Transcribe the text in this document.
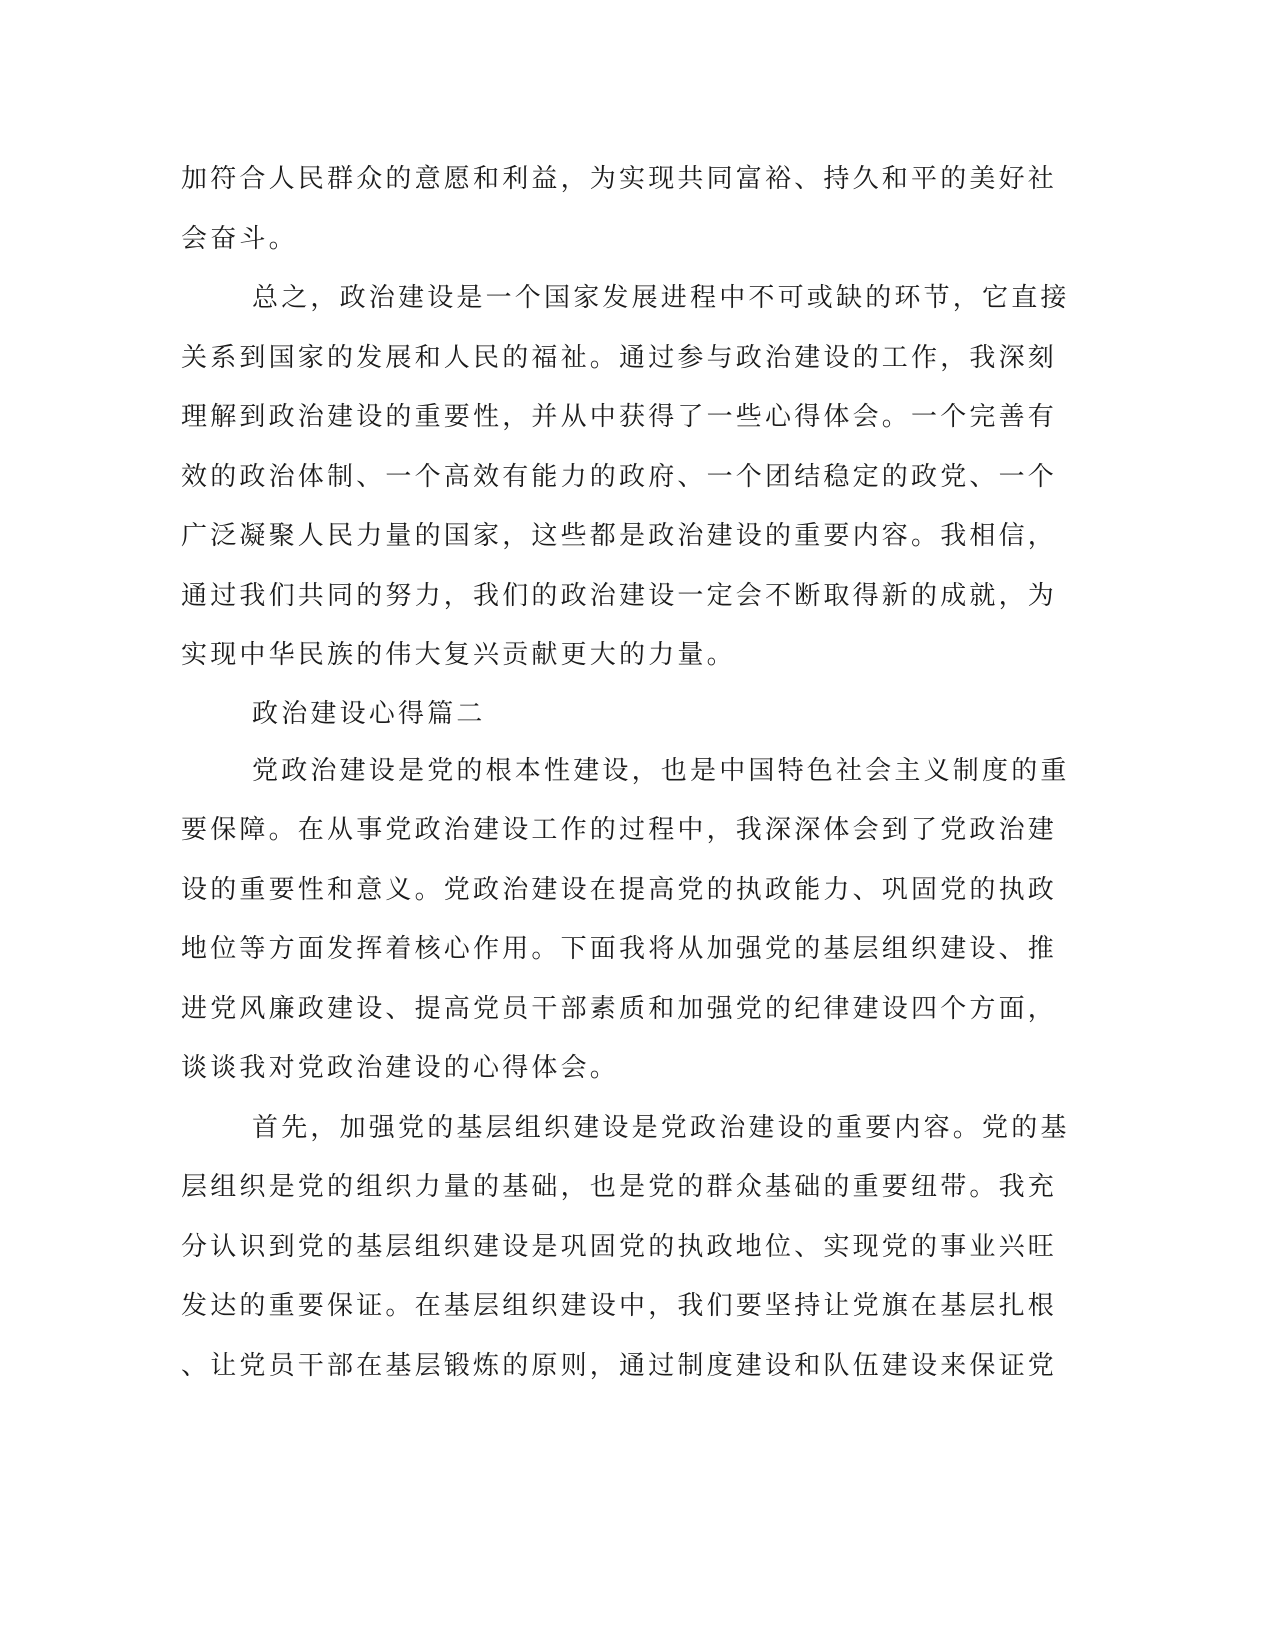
加符合人民群众的意愿和利益，为实现共同富裕、持久和平的美好社
会奋斗。
总之，政治建设是一个国家发展进程中不可或缺的环节，它直接
关系到国家的发展和人民的福祉。通过参与政治建设的工作，我深刻
理解到政治建设的重要性，并从中获得了一些心得体会。一个完善有
效的政治体制、一个高效有能力的政府、一个团结稳定的政党、一个
广泛凝聚人民力量的国家，这些都是政治建设的重要内容。我相信，
通过我们共同的努力，我们的政治建设一定会不断取得新的成就，为
实现中华民族的伟大复兴贡献更大的力量。
政治建设心得篇二
党政治建设是党的根本性建设，也是中国特色社会主义制度的重
要保障。在从事党政治建设工作的过程中，我深深体会到了党政治建
设的重要性和意义。党政治建设在提高党的执政能力、巩固党的执政
地位等方面发挥着核心作用。下面我将从加强党的基层组织建设、推
进党风廉政建设、提高党员干部素质和加强党的纪律建设四个方面，
谈谈我对党政治建设的心得体会。
首先，加强党的基层组织建设是党政治建设的重要内容。党的基
层组织是党的组织力量的基础，也是党的群众基础的重要纽带。我充
分认识到党的基层组织建设是巩固党的执政地位、实现党的事业兴旺
发达的重要保证。在基层组织建设中，我们要坚持让党旗在基层扎根
、让党员干部在基层锻炼的原则，通过制度建设和队伍建设来保证党
